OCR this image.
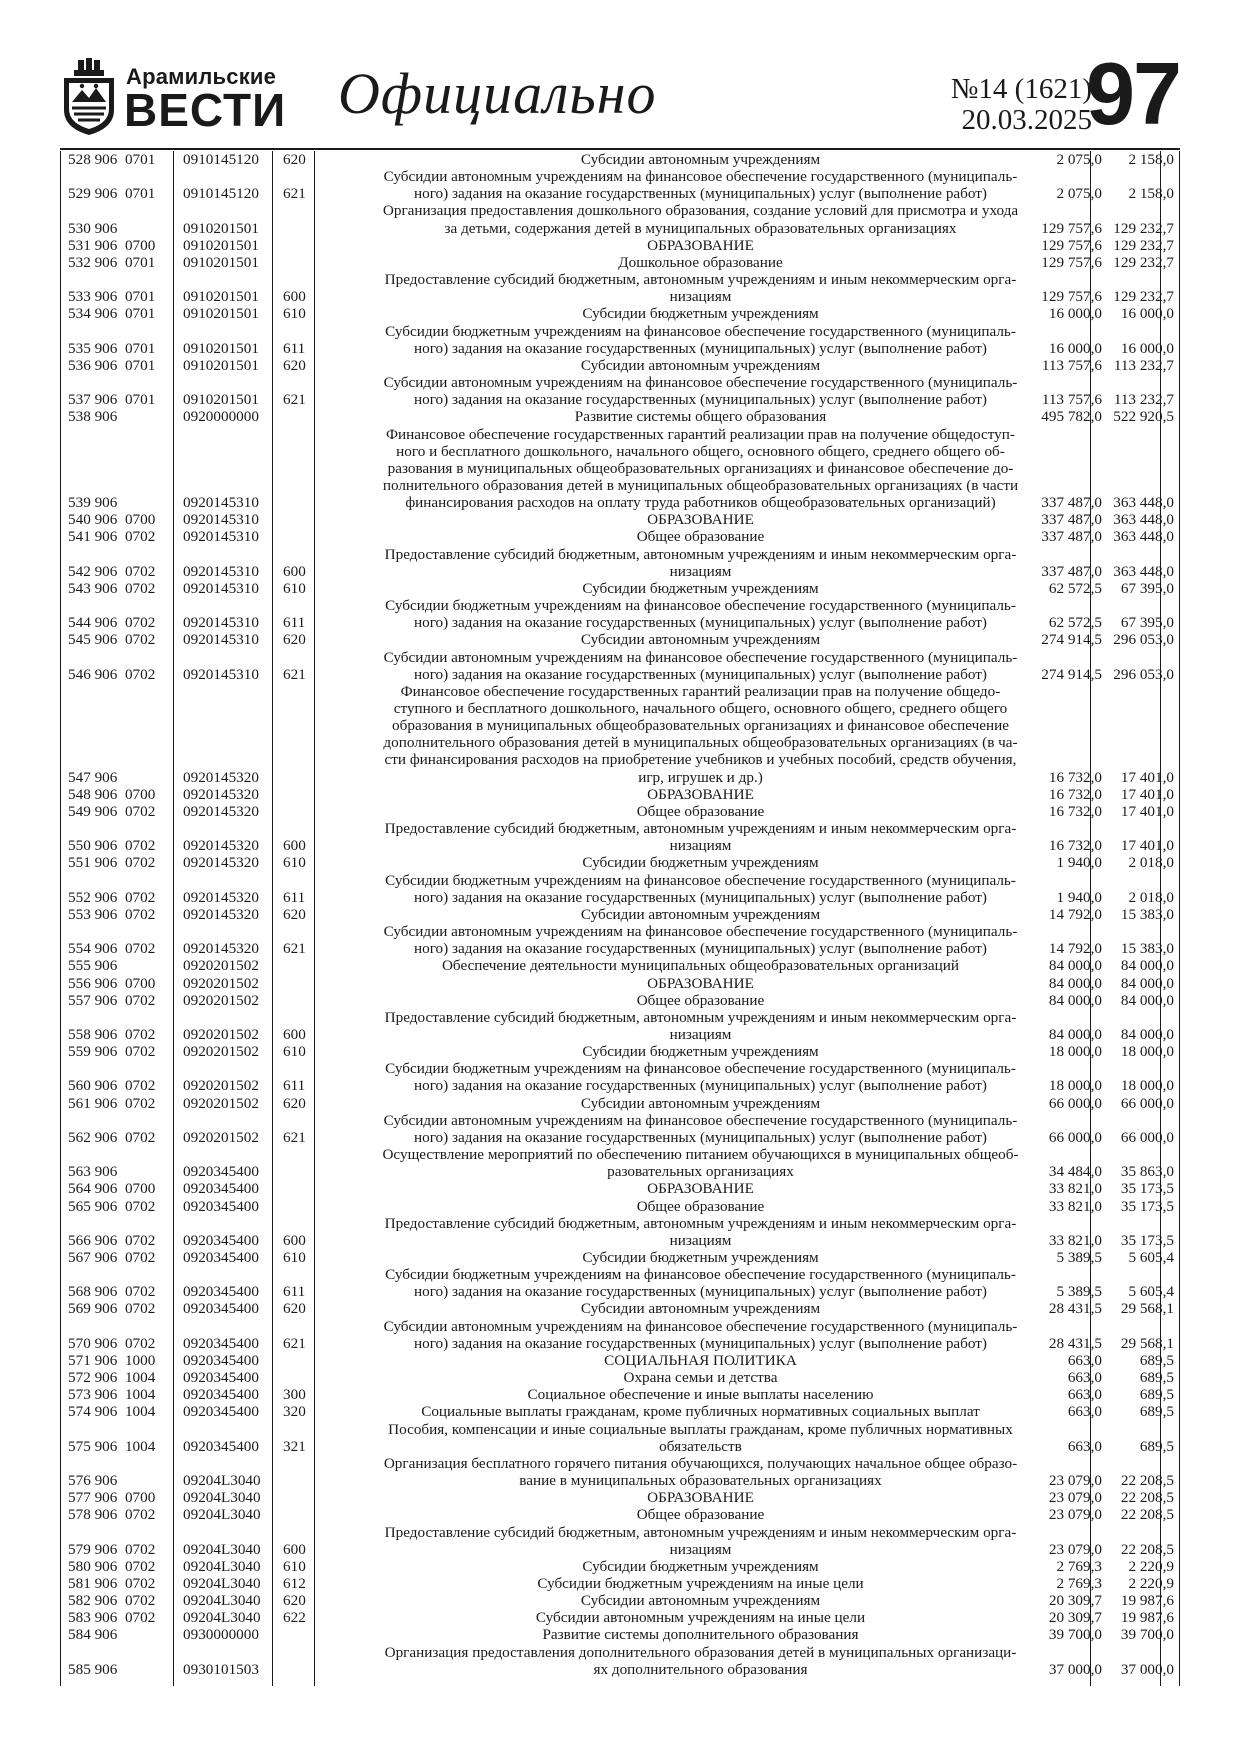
Арамильские
ВЕСТИ Официально	№14 (1621)
20.03.2025
97
Субсидии автономным учреждениям
528 906  0701 0910145120 620	2 075,0 2 158,0
Субсидии автономным учреждениям на финансовое обеспечение государственного (муниципаль-
ного) задания на оказание государственных (муниципальных) услуг (выполнение работ)
529 906  0701 0910145120 621	2 075,0 2 158,0
Организация предоставления дошкольного образования, создание условий для присмотра и ухода
за детьми, содержания детей в муниципальных образовательных организациях
530 906	0910201501	129 757,6 129 232,7
ОБРАЗОВАНИЕ
531 906  0700 0910201501	129 757,6 129 232,7
Дошкольное образование
532 906  0701 0910201501	129 757,6 129 232,7
Предоставление субсидий бюджетным, автономным учреждениям и иным некоммерческим орга-
низациям
533 906  0701 0910201501 600	129 757,6 129 232,7
Субсидии бюджетным учреждениям
534 906  0701 0910201501 610	16 000,0 16 000,0
Субсидии бюджетным учреждениям на финансовое обеспечение государственного (муниципаль-
ного) задания на оказание государственных (муниципальных) услуг (выполнение работ)
535 906  0701 0910201501 611	16 000,0 16 000,0
Субсидии автономным учреждениям
536 906  0701 0910201501 620	113 757,6 113 232,7
Субсидии автономным учреждениям на финансовое обеспечение государственного (муниципаль-
ного) задания на оказание государственных (муниципальных) услуг (выполнение работ)
537 906  0701 0910201501 621	113 757,6 113 232,7
Развитие системы общего образования
538 906	0920000000	495 782,0 522 920,5
Финансовое обеспечение государственных гарантий реализации прав на получение общедоступ-
ного и бесплатного дошкольного, начального общего, основного общего, среднего общего об-
разования в муниципальных общеобразовательных организациях и финансовое обеспечение до-
полнительного образования детей в муниципальных общеобразовательных организациях (в части
финансирования расходов на оплату труда работников общеобразовательных организаций)
539 906	0920145310	337 487,0 363 448,0
ОБРАЗОВАНИЕ
540 906  0700 0920145310	337 487,0 363 448,0
Общее образование
541 906  0702 0920145310	337 487,0 363 448,0
Предоставление субсидий бюджетным, автономным учреждениям и иным некоммерческим орга-
низациям
542 906  0702 0920145310 600	337 487,0 363 448,0
Субсидии бюджетным учреждениям
543 906  0702 0920145310 610	62 572,5 67 395,0
Субсидии бюджетным учреждениям на финансовое обеспечение государственного (муниципаль-
ного) задания на оказание государственных (муниципальных) услуг (выполнение работ)
544 906  0702 0920145310 611	62 572,5 67 395,0
Субсидии автономным учреждениям
545 906  0702 0920145310 620	274 914,5 296 053,0
Субсидии автономным учреждениям на финансовое обеспечение государственного (муниципаль-
ного) задания на оказание государственных (муниципальных) услуг (выполнение работ)
546 906  0702 0920145310 621	274 914,5 296 053,0
Финансовое обеспечение государственных гарантий реализации прав на получение общедо-
ступного и бесплатного дошкольного, начального общего, основного общего, среднего общего
образования в муниципальных общеобразовательных организациях и финансовое обеспечение
дополнительного образования детей в муниципальных общеобразовательных организациях (в ча-
сти финансирования расходов на приобретение учебников и учебных пособий, средств обучения,
игр, игрушек и др.)
547 906	0920145320	16 732,0 17 401,0
ОБРАЗОВАНИЕ
548 906  0700 0920145320	16 732,0 17 401,0
Общее образование
549 906  0702 0920145320	16 732,0 17 401,0
Предоставление субсидий бюджетным, автономным учреждениям и иным некоммерческим орга-
низациям
550 906  0702 0920145320 600	16 732,0 17 401,0
Субсидии бюджетным учреждениям
551 906  0702 0920145320 610	1 940,0 2 018,0
Субсидии бюджетным учреждениям на финансовое обеспечение государственного (муниципаль-
ного) задания на оказание государственных (муниципальных) услуг (выполнение работ)
552 906  0702 0920145320 611	1 940,0 2 018,0
Субсидии автономным учреждениям
553 906  0702 0920145320 620	14 792,0 15 383,0
Субсидии автономным учреждениям на финансовое обеспечение государственного (муниципаль-
ного) задания на оказание государственных (муниципальных) услуг (выполнение работ)
554 906  0702 0920145320 621	14 792,0 15 383,0
Обеспечение деятельности муниципальных общеобразовательных организаций
555 906	0920201502	84 000,0 84 000,0
ОБРАЗОВАНИЕ
556 906  0700 0920201502	84 000,0 84 000,0
Общее образование
557 906  0702 0920201502	84 000,0 84 000,0
Предоставление субсидий бюджетным, автономным учреждениям и иным некоммерческим орга-
низациям
558 906  0702 0920201502 600	84 000,0 84 000,0
Субсидии бюджетным учреждениям
559 906  0702 0920201502 610	18 000,0 18 000,0
Субсидии бюджетным учреждениям на финансовое обеспечение государственного (муниципаль-
ного) задания на оказание государственных (муниципальных) услуг (выполнение работ)
560 906  0702 0920201502 611	18 000,0 18 000,0
Субсидии автономным учреждениям
561 906  0702 0920201502 620	66 000,0 66 000,0
Субсидии автономным учреждениям на финансовое обеспечение государственного (муниципаль-
ного) задания на оказание государственных (муниципальных) услуг (выполнение работ)
562 906  0702 0920201502 621	66 000,0 66 000,0
Осуществление мероприятий по обеспечению питанием обучающихся в муниципальных общеоб-
разовательных организациях
563 906	0920345400	34 484,0 35 863,0
ОБРАЗОВАНИЕ
564 906  0700 0920345400	33 821,0 35 173,5
Общее образование
565 906  0702 0920345400	33 821,0 35 173,5
Предоставление субсидий бюджетным, автономным учреждениям и иным некоммерческим орга-
низациям
566 906  0702 0920345400 600	33 821,0 35 173,5
Субсидии бюджетным учреждениям
567 906  0702 0920345400 610	5 389,5 5 605,4
Субсидии бюджетным учреждениям на финансовое обеспечение государственного (муниципаль-
ного) задания на оказание государственных (муниципальных) услуг (выполнение работ)
568 906  0702 0920345400 611	5 389,5 5 605,4
Субсидии автономным учреждениям
569 906  0702 0920345400 620	28 431,5 29 568,1
Субсидии автономным учреждениям на финансовое обеспечение государственного (муниципаль-
ного) задания на оказание государственных (муниципальных) услуг (выполнение работ)
570 906  0702 0920345400 621	28 431,5 29 568,1
СОЦИАЛЬНАЯ ПОЛИТИКА
571 906  1000 0920345400	663,0 689,5
Охрана семьи и детства
572 906  1004 0920345400	663,0 689,5
Социальное обеспечение и иные выплаты населению
573 906  1004 0920345400 300	663,0 689,5
Социальные выплаты гражданам, кроме публичных нормативных социальных выплат
574 906  1004 0920345400 320	663,0 689,5
Пособия, компенсации и иные социальные выплаты гражданам, кроме публичных нормативных
обязательств
575 906  1004 0920345400 321	663,0 689,5
Организация бесплатного горячего питания обучающихся, получающих начальное общее образо-
вание в муниципальных образовательных организациях
576 906	09204L3040	23 079,0 22 208,5
ОБРАЗОВАНИЕ
577 906  0700 09204L3040	23 079,0 22 208,5
Общее образование
578 906  0702 09204L3040	23 079,0 22 208,5
Предоставление субсидий бюджетным, автономным учреждениям и иным некоммерческим орга-
низациям
579 906  0702 09204L3040 600	23 079,0 22 208,5
Субсидии бюджетным учреждениям
580 906  0702 09204L3040 610	2 769,3 2 220,9
Субсидии бюджетным учреждениям на иные цели
581 906  0702 09204L3040 612	2 769,3 2 220,9
Субсидии автономным учреждениям
582 906  0702 09204L3040 620	20 309,7 19 987,6
Субсидии автономным учреждениям на иные цели
583 906  0702 09204L3040 622	20 309,7 19 987,6
Развитие системы дополнительного образования
584 906	0930000000	39 700,0 39 700,0
Организация предоставления дополнительного образования детей в муниципальных организаци-
ях дополнительного образования
585 906	0930101503	37 000,0 37 000,0
